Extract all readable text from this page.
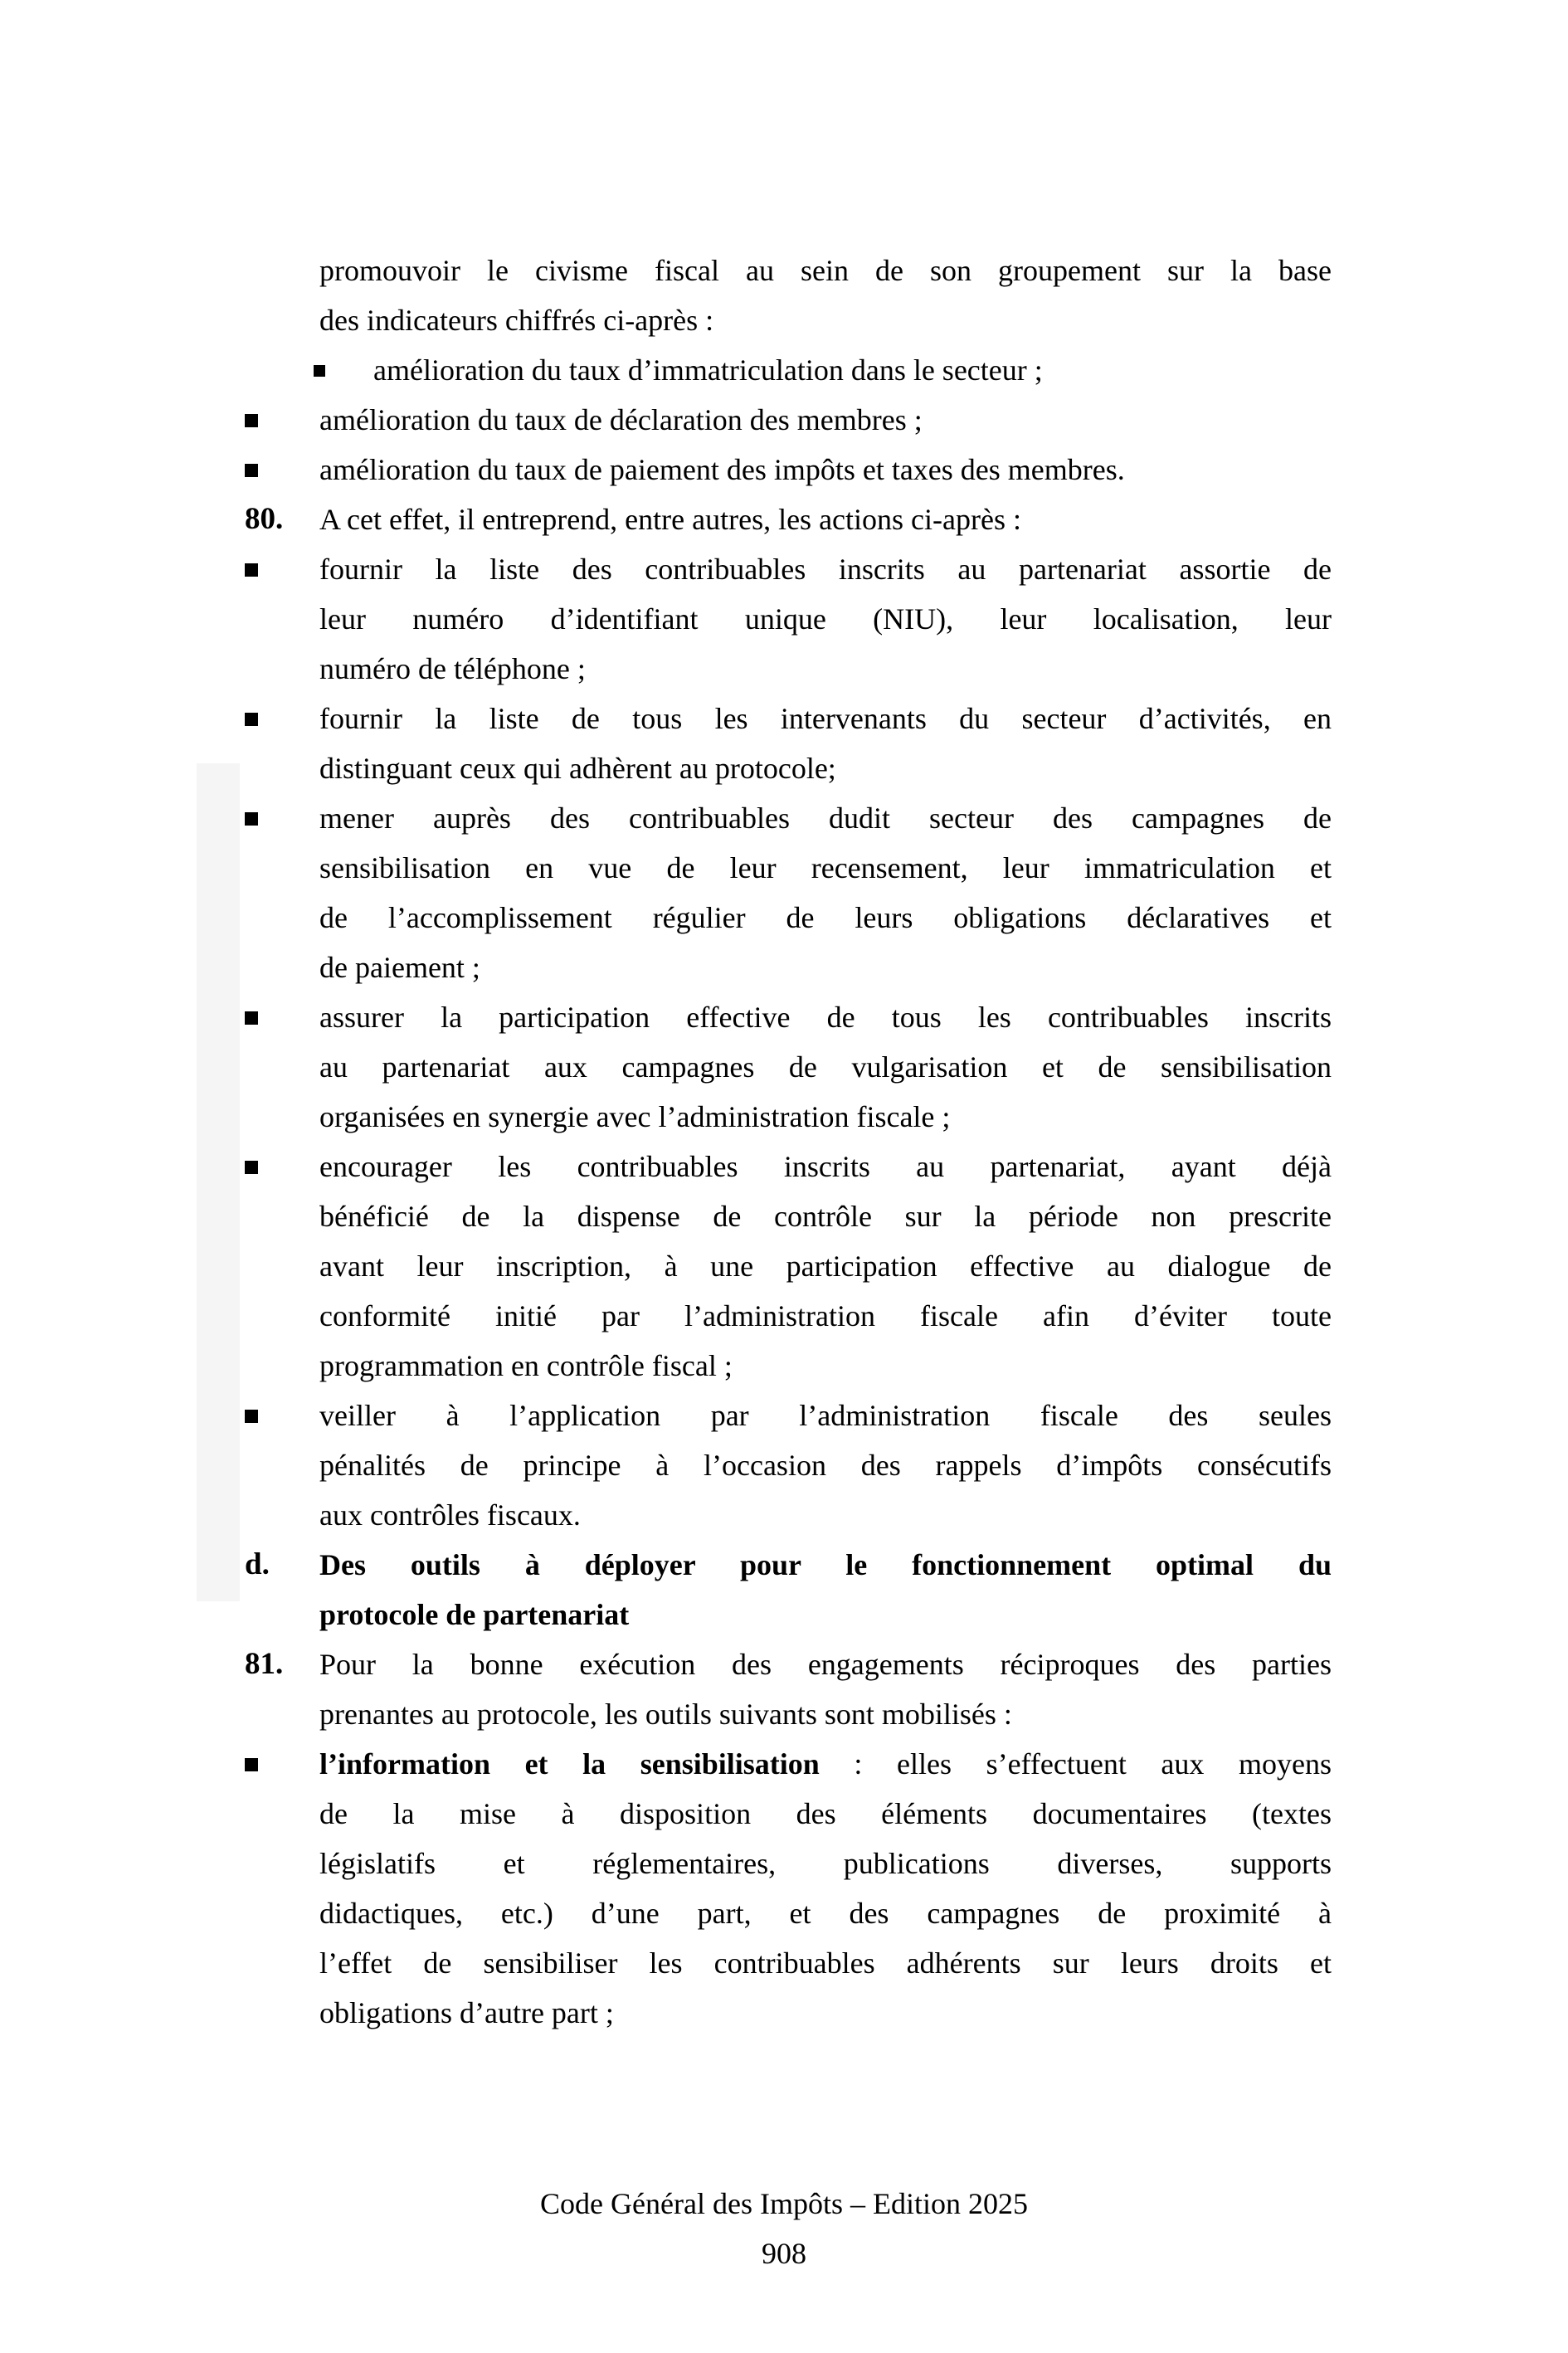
promouvoir le civisme fiscal au sein de son groupement sur la base
des indicateurs chiffrés ci-après :
amélioration du taux d’immatriculation dans le secteur ;
amélioration du taux de déclaration des membres ;
amélioration du taux de paiement des impôts et taxes des membres.
80.	A cet effet, il entreprend, entre autres, les actions ci-après :
fournir la liste des contribuables inscrits au partenariat assortie de
leur numéro d’identifiant unique (NIU), leur localisation, leur
numéro de téléphone ;
fournir la liste de tous les intervenants du secteur d’activités, en
distinguant ceux qui adhèrent au protocole;
mener auprès des contribuables dudit secteur des campagnes de
sensibilisation en vue de leur recensement, leur immatriculation et
de l’accomplissement régulier de leurs obligations déclaratives et
de paiement ;
assurer la participation effective de tous les contribuables inscrits
au partenariat aux campagnes de vulgarisation et de sensibilisation
organisées en synergie avec l’administration fiscale ;
encourager les contribuables inscrits au partenariat, ayant déjà
bénéficié de la dispense de contrôle sur la période non prescrite
avant leur inscription, à une participation effective au dialogue de
conformité initié par l’administration fiscale afin d’éviter toute
programmation en contrôle fiscal ;
veiller à l’application par l’administration fiscale des seules
pénalités de principe à l’occasion des rappels d’impôts consécutifs
aux contrôles fiscaux.
d.	Des outils à déployer pour le fonctionnement optimal du
protocole de partenariat
81.	Pour la bonne exécution des engagements réciproques des parties
prenantes au protocole, les outils suivants sont mobilisés :
l’information et la sensibilisation : elles s’effectuent aux moyens
de la mise à disposition des éléments documentaires (textes
législatifs et réglementaires, publications diverses, supports
didactiques, etc.) d’une part, et des campagnes de proximité à
l’effet de sensibiliser les contribuables adhérents sur leurs droits et
obligations d’autre part ;
Code Général des Impôts – Edition 2025
908
